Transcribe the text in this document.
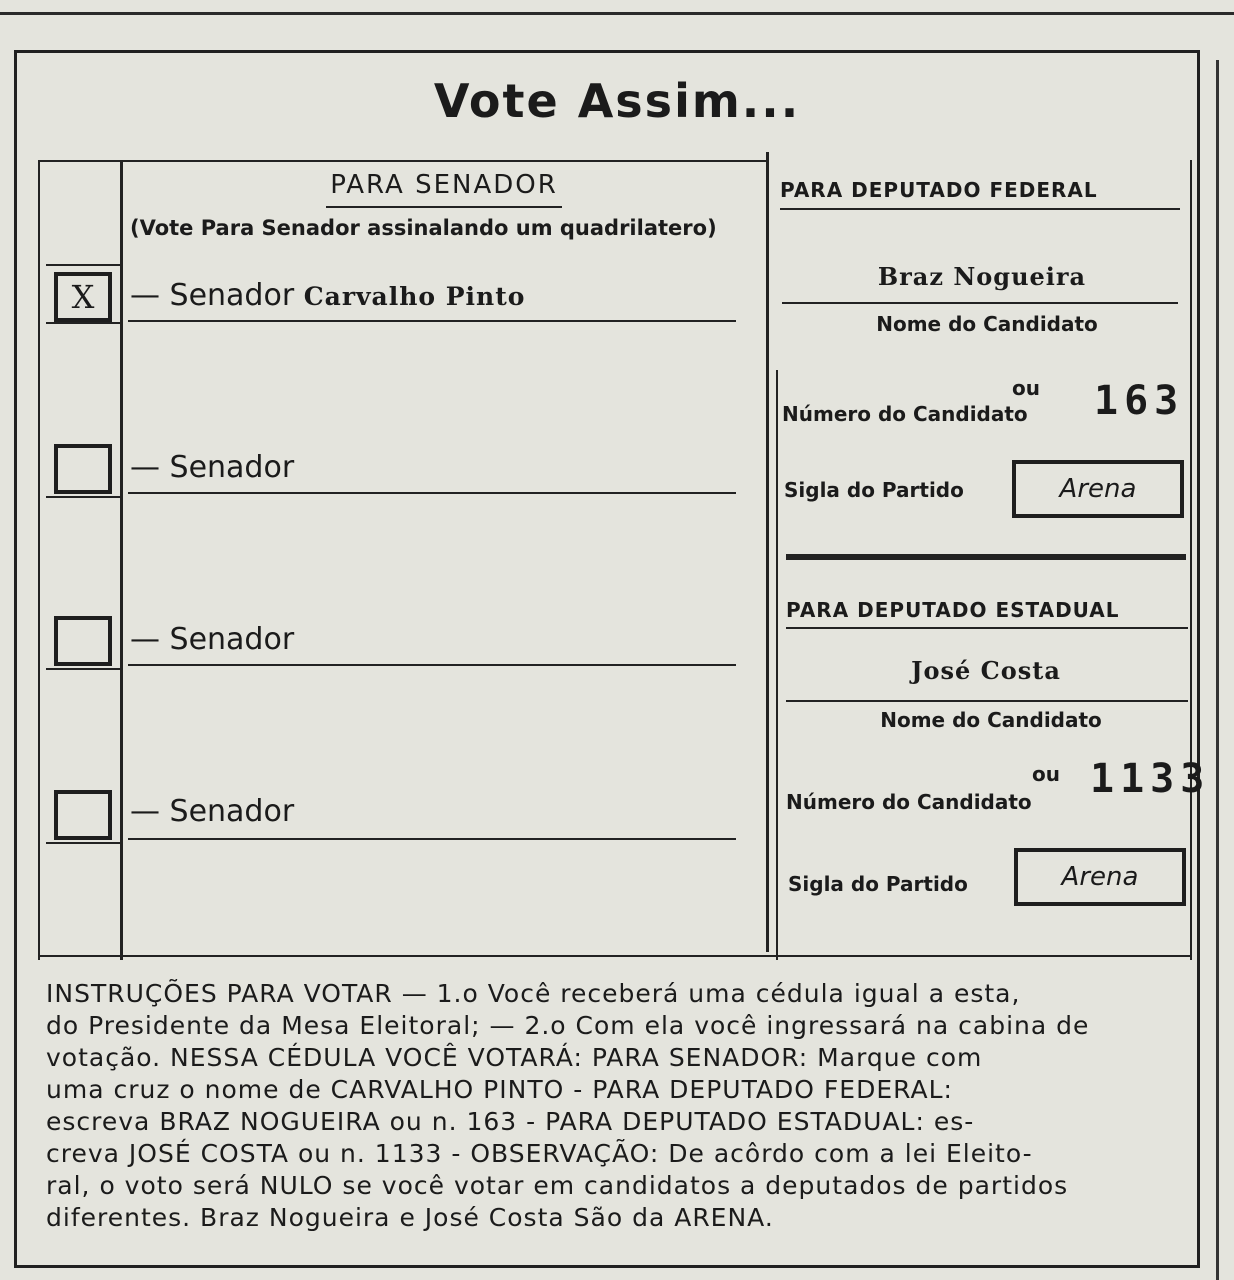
Vote Assim...
PARA SENADOR
(Vote Para Senador assinalando um quadrilatero)
X	— Senador Carvalho Pinto
— Senador
— Senador
— Senador
PARA DEPUTADO FEDERAL
Braz Nogueira
Nome do Candidato
ou
Número do Candidato 163
Sigla do Partido	Arena
PARA DEPUTADO ESTADUAL
José Costa
Nome do Candidato
ou
Número do Candidato 1133
Sigla do Partido	Arena

INSTRUÇÕES PARA VOTAR — 1.o Você receberá uma cédula igual a esta,

do Presidente da Mesa Eleitoral; — 2.o Com ela você ingressará na cabina de

votação. NESSA CÉDULA VOCÊ VOTARÁ: PARA SENADOR: Marque com

uma cruz o nome de CARVALHO PINTO - PARA DEPUTADO FEDERAL:

escreva BRAZ NOGUEIRA ou n. 163 - PARA DEPUTADO ESTADUAL: es-

creva JOSÉ COSTA ou n. 1133 - OBSERVAÇÃO: De acôrdo com a lei Eleito-

ral, o voto será NULO se você votar em candidatos a deputados de partidos

diferentes. Braz Nogueira e José Costa São da ARENA.
